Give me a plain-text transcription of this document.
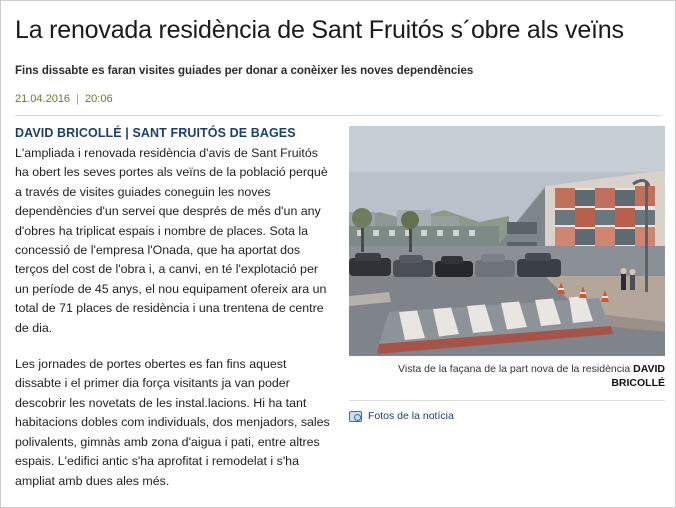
La renovada residència de Sant Fruitós s´obre als veïns
Fins dissabte es faran visites guiades per donar a conèixer les noves dependències
21.04.2016 | 20:06
DAVID BRICOLLÉ | SANT FRUITÓS DE BAGES

L'ampliada i renovada residència d'avis de Sant Fruitós ha obert les seves portes als veïns de la població perquè a través de visites guiades coneguin les noves dependències d'un servei que després de més d'un any d'obres ha triplicat espais i nombre de places. Sota la concessió de l'empresa l'Onada, que ha aportat dos terços del cost de l'obra i, a canvi, en té l'explotació per un període de 45 anys, el nou equipament ofereix ara un total de 71 places de residència i una trentena de centre de dia.

Les jornades de portes obertes es fan fins aquest dissabte i el primer dia força visitants ja van poder descobrir les novetats de les instal.lacions. Hi ha tant habitacions dobles com individuals, dos menjadors, sales polivalents, gimnàs amb zona d'aigua i pati, entre altres espais. L'edifici antic s'ha aprofitat i remodelat i s'ha ampliat amb dues ales més.

Vista de la façana de la part nova de la residència DAVID BRICOLLÉ
Fotos de la notícia
